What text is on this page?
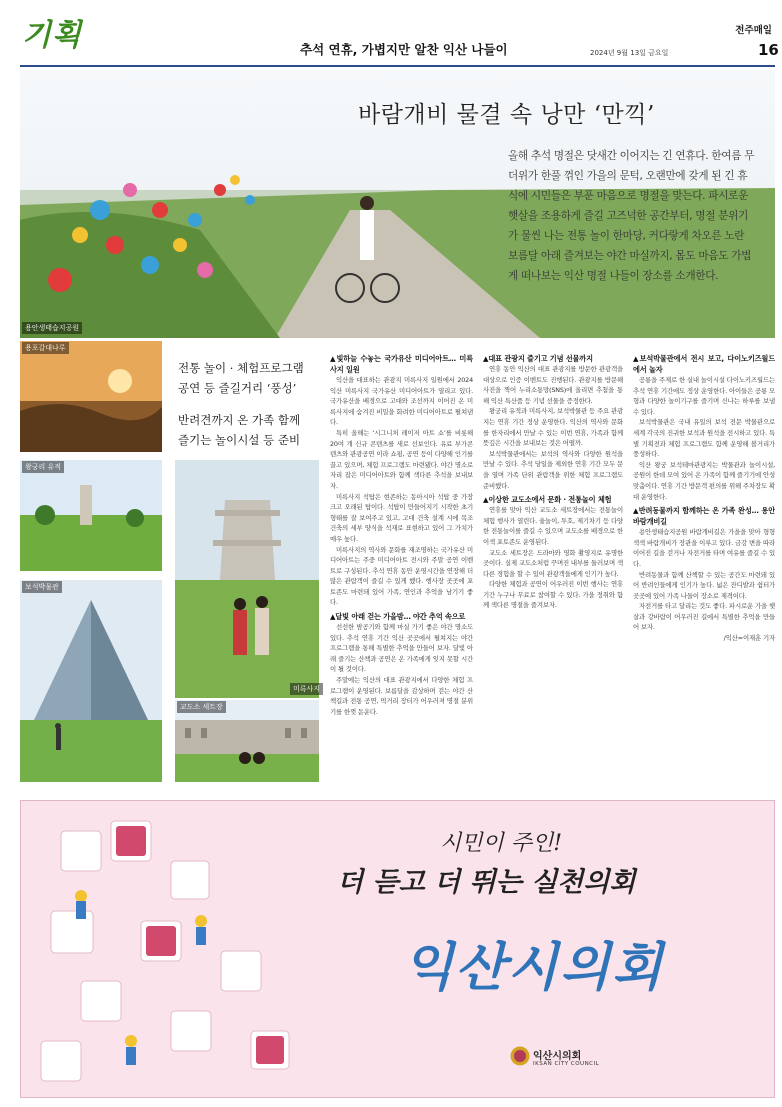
기획	추석 연휴, 가볍지만 알찬 익산 나들이
전주매일
2024년 9월 13일 금요일	16
용안생태습지공원
바람개비 물결 속 낭만 ‘만끽’
올해 추석 명절은 닷새간 이어지는 긴 연휴다. 한여름 무더위가 한풀 꺾인 가을의 문턱, 오랜만에 갖게 된 긴 휴식에 시민들은 부푼 마음으로 명절을 맞는다. 파시로운 햇살을 조용하게 즐길 고즈넉한 공간부터, 명절 분위기가 물씬 나는 전통 놀이 한마당, 커다랗게 차오른 노란 보름달 아래 즐겨보는 야간 마실까지, 몸도 마음도 가볍게 떠나보는 익산 명절 나들이 장소를 소개한다.
용포갈대나루
왕궁리 유적
보석박물관
미륵사지
교도소 세트장
전통 놀이 · 체험프로그램
공연 등 즐길거리 ‘풍성’
반려견까지 온 가족 함께
즐기는 놀이시설 등 준비
▲빛하늘 수놓는 국가유산 미디어아트… 미륵사지 일원

익산을 대표하는 관광지 미륵사지 일원에서 2024 익산 미륵사지 국가유산 미디어아트가 열리고 있다. 국가유산을 배경으로 고대와 조선까지 이어진 온 미륵사지에 숨겨진 비밀을 화려한 미디어아트로 펼쳐낸다.

특히 올해는 ‘시그니처 레이저 아트 쇼’를 비롯해 20여 개 신규 콘텐츠를 새로 선보인다. 유료 부가콘텐츠와 관광공연 이라 쇼핑, 공연 등이 다양해 인기를 끌고 있으며, 체험 프로그램도 마련됐다. 야간 명소로 자리 잡은 미디어아트와 함께 색다른 추석을 보내보자.

미륵사지 석탑은 현존하는 동아시아 석탑 중 가장 크고 오래된 탑이다. 석탑이 만들어지기 시작한 초기 형태를 잘 보여주고 있고, 고대 건축 설계 시에 목조건축의 세부 양식을 석재로 표현하고 있어 그 가치가 매우 높다.

미륵사지의 역사와 문화를 재조명하는 국가유산 미디어아트는 주중 미디어아트 전시와 주말 공연 이벤트로 구성된다. 추석 연휴 동안 운영시간을 연장해 더 많은 관람객이 즐길 수 있게 했다. 행사장 곳곳에 포토존도 마련돼 있어 가족, 연인과 추억을 남기기 좋다.

▲달빛 아래 걷는 가을밤… 야간 추억 속으로

선선한 밤공기와 함께 마실 가기 좋은 야간 명소도 있다. 추석 연휴 기간 익산 곳곳에서 펼쳐지는 야간 프로그램을 통해 특별한 추억을 만들어 보자. 달빛 아래 즐기는 산책과 공연은 온 가족에게 잊지 못할 시간이 될 것이다.

주말에는 익산의 대표 관광지에서 다양한 체험 프로그램이 운영된다. 보름달을 감상하며 걷는 야간 산책길과 전통 공연, 먹거리 장터가 어우러져 명절 분위기를 한껏 돋운다.

▲대표 관광지 즐기고 기념 선물까지

연휴 동안 익산의 대표 관광지를 방문한 관광객을 대상으로 인증 이벤트도 진행된다. 관광지를 방문해 사진을 찍어 누리소통망(SNS)에 올리면 추첨을 통해 익산 특산품 등 기념 선물을 증정한다.

왕궁리 유적과 미륵사지, 보석박물관 등 주요 관광지는 연휴 기간 정상 운영한다. 익산의 역사와 문화를 한자리에서 만날 수 있는 이번 연휴, 가족과 함께 뜻깊은 시간을 보내보는 것은 어떨까.

보석박물관에서는 보석의 역사와 다양한 원석을 만날 수 있다. 추석 당일을 제외한 연휴 기간 모두 문을 열며 가족 단위 관람객을 위한 체험 프로그램도 준비했다.

▲이상한 교도소에서 문화 · 전통놀이 체험

연휴를 맞아 익산 교도소 세트장에서는 전통놀이 체험 행사가 열린다. 윷놀이, 투호, 제기차기 등 다양한 전통놀이를 즐길 수 있으며 교도소를 배경으로 한 이색 포토존도 운영된다.

교도소 세트장은 드라마와 영화 촬영지로 유명한 곳이다. 실제 교도소처럼 꾸며진 내부를 둘러보며 색다른 경험을 할 수 있어 관광객들에게 인기가 높다.

다양한 체험과 공연이 어우러진 이번 행사는 연휴 기간 누구나 무료로 참여할 수 있다. 가을 정취와 함께 색다른 명절을 즐겨보자.

▲보석박물관에서 전시 보고, 다이노키즈월드에서 놀자

공룡을 주제로 한 실내 놀이시설 다이노키즈월드는 추석 연휴 기간에도 정상 운영한다. 아이들은 공룡 모형과 다양한 놀이기구를 즐기며 신나는 하루를 보낼 수 있다.

보석박물관은 국내 유일의 보석 전문 박물관으로 세계 각국의 진귀한 보석과 원석을 전시하고 있다. 특별 기획전과 체험 프로그램도 함께 운영해 볼거리가 풍성하다.

익산 왕궁 보석테마관광지는 박물관과 놀이시설, 공원이 한데 모여 있어 온 가족이 함께 즐기기에 안성맞춤이다. 연휴 기간 방문객 편의를 위해 주차장도 확대 운영한다.

▲반려동물까지 함께하는 온 가족 완성… 용안 바람개비길

용안생태습지공원 바람개비길은 가을을 맞아 형형색색 바람개비가 장관을 이루고 있다. 금강 변을 따라 이어진 길을 걷거나 자전거를 타며 여유를 즐길 수 있다.

반려동물과 함께 산책할 수 있는 공간도 마련돼 있어 반려인들에게 인기가 높다. 넓은 잔디밭과 쉼터가 곳곳에 있어 가족 나들이 장소로 제격이다.

자전거를 타고 달리는 것도 좋다. 파시로운 가을 햇살과 강바람이 어우러진 길에서 특별한 추억을 만들어 보자.

/익산=이재훈 기자

시민이 주인!
더 듣고 더 뛰는 실천의회
익산시의회
익산시의회
IKSAN CITY COUNCIL
